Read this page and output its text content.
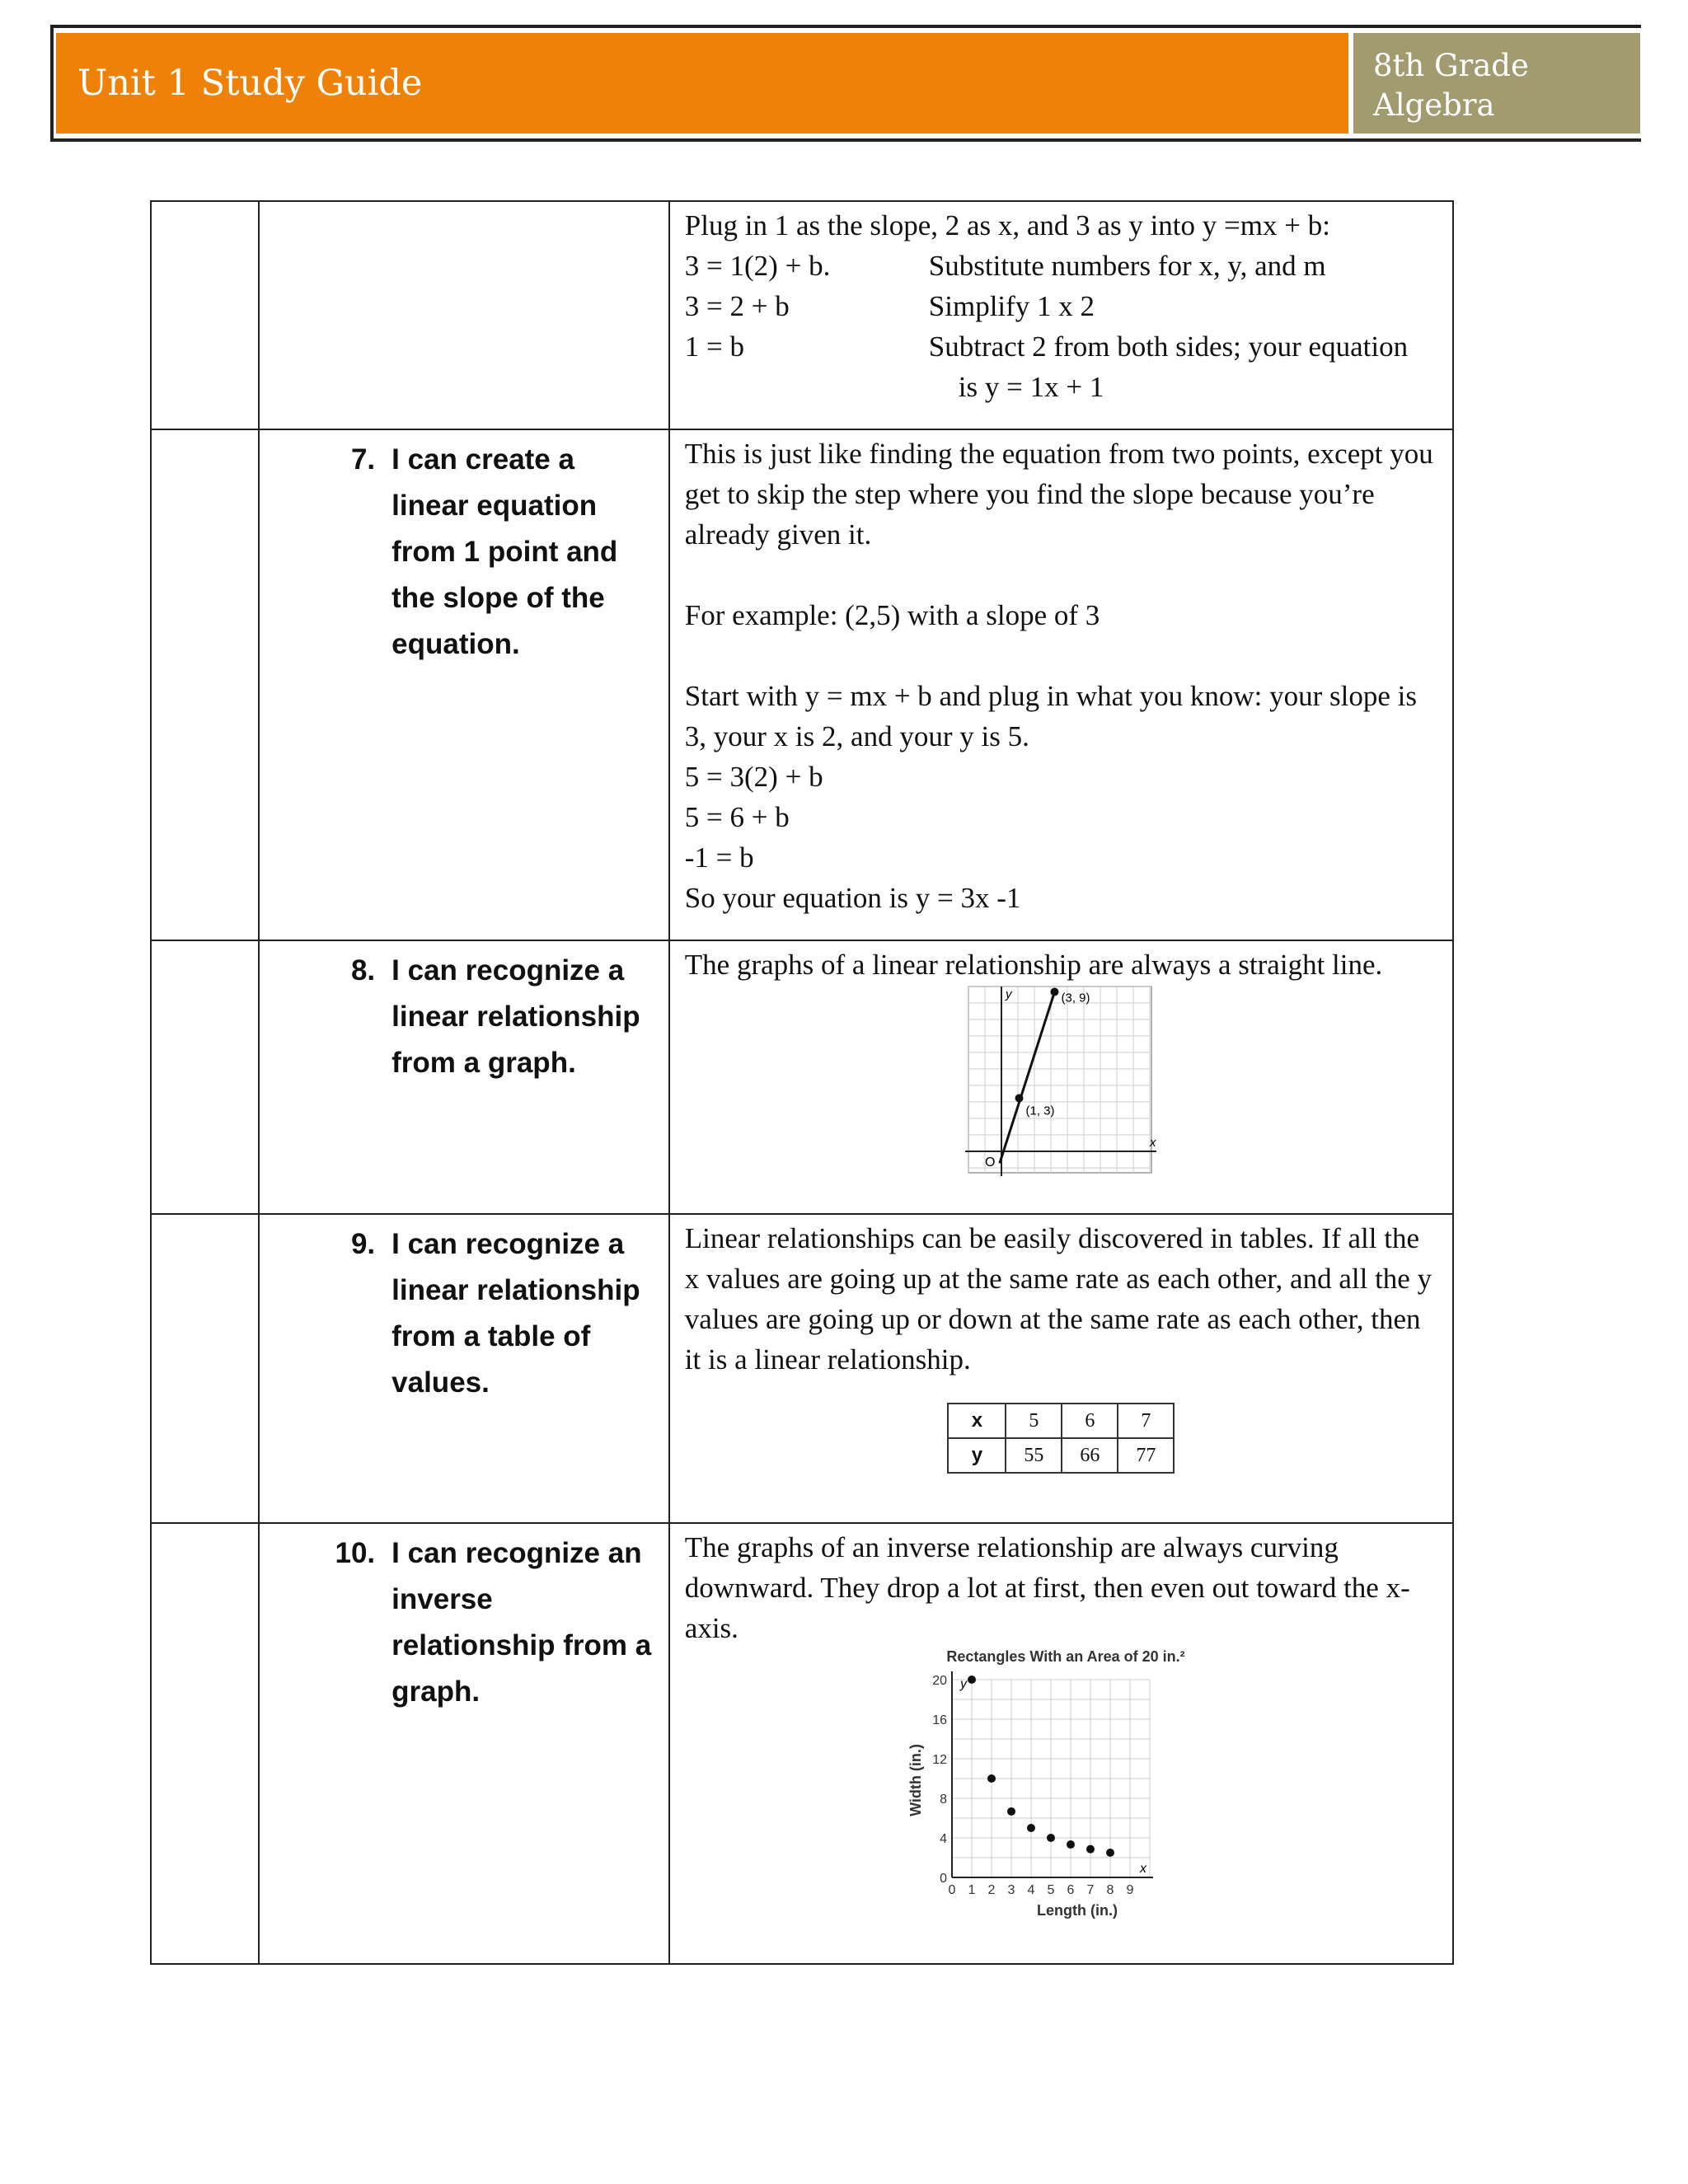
Unit 1 Study Guide	8th Grade
Algebra

Plug in 1 as the slope, 2 as x, and 3 as y into y =mx + b:

3 = 1(2) + b.	Substitute numbers for x, y, and m
3 = 2 + b	Simplify 1 x 2
1 = b	Subtract 2 from both sides; your equation

is y = 1x + 1

7. I can create a linear equation from 1 point and the slope of the equation.

This is just like finding the equation from two points, except you get to skip the step where you find the slope because you’re already given it.

For example: (2,5) with a slope of 3

Start with y = mx + b and plug in what you know: your slope is 3, your x is 2, and your y is 5.

5 = 3(2) + b

5 = 6 + b

-1 = b

So your equation is y = 3x -1

8. I can recognize a linear relationship from a graph.

The graphs of a linear relationship are always a straight line.

x
y
O
(1, 3)
(3, 9)

9. I can recognize a linear relationship from a table of values.

Linear relationships can be easily discovered in tables. If all the x values are going up at the same rate as each other, and all the y values are going up or down at the same rate as each other, then it is a linear relationship.

x	5	6	7
y	55	66	77

10. I can recognize an inverse relationship from a graph.

The graphs of an inverse relationship are always curving downward. They drop a lot at first, then even out toward the x-axis.

Rectangles With an Area of 20 in.²
y
x
0
4
8
12
16
20
0 1 2 3 4 5 6 7 8 9
Length (in.)
Width (in.)
